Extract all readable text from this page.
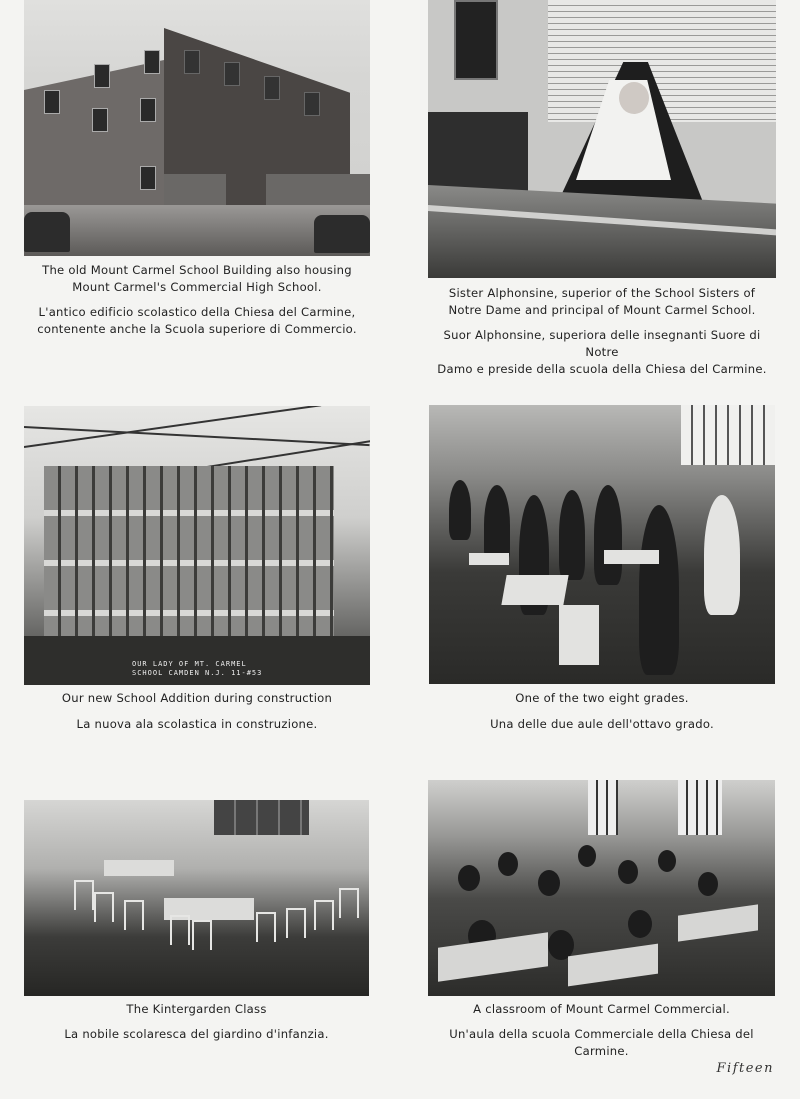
The old Mount Carmel School Building also housing

Mount Carmel's Commercial High School.

L'antico edificio scolastico della Chiesa del Carmine,

contenente anche la Scuola superiore di Commercio.

Sister Alphonsine, superior of the School Sisters of

Notre Dame and principal of Mount Carmel School.

Suor Alphonsine, superiora delle insegnanti Suore di Notre

Damo e preside della scuola della Chiesa del Carmine.

OUR LADY OF MT. CARMEL
SCHOOL CAMDEN N.J. 11-#53

Our new School Addition during construction

La nuova ala scolastica in construzione.

One of the two eight grades.

Una delle due aule dell'ottavo grado.

The Kintergarden Class

La nobile scolaresca del giardino d'infanzia.

A classroom of Mount Carmel Commercial.

Un'aula della scuola Commerciale della Chiesa del Carmine.

Fifteen
